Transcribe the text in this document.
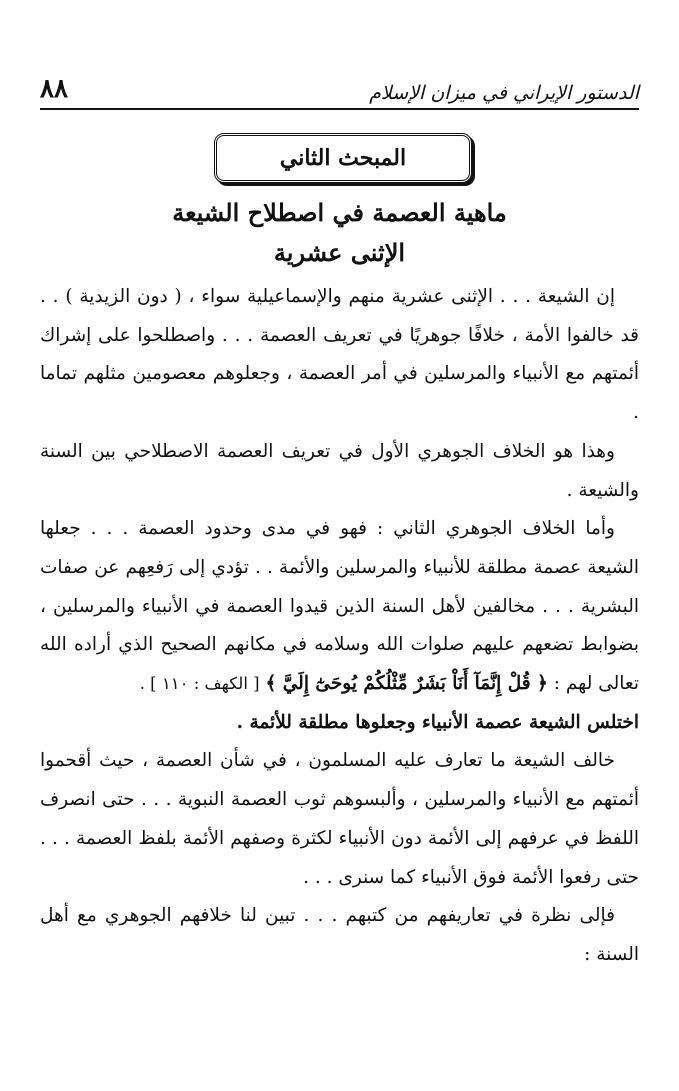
٨٨	الدستور الإيراني في ميزان الإسلام
المبحث الثاني
ماهية العصمة في اصطلاح الشيعة
الإثنى عشرية

إن الشيعة . . . الإثنى عشرية منهم والإسماعيلية سواء ، ( دون الزيدية ) . . قد خالفوا الأمة ، خلافًا جوهريًا في تعريف العصمة . . . واصطلحوا على إشراك أئمتهم مع الأنبياء والمرسلين في أمر العصمة ، وجعلوهم معصومين مثلهم تماما .

وهذا هو الخلاف الجوهري الأول في تعريف العصمة الاصطلاحي بين السنة والشيعة .

وأما الخلاف الجوهري الثاني : فهو في مدى وحدود العصمة . . . جعلها الشيعة عصمة مطلقة للأنبياء والمرسلين والأئمة . . تؤدي إلى رَفعِهم عن صفات البشرية . . . مخالفين لأهل السنة الذين قيدوا العصمة في الأنبياء والمرسلين ، بضوابط تضعهم عليهم صلوات الله وسلامه في مكانهم الصحيح الذي أراده الله تعالى لهم : ﴿ قُلْ إِنَّمَآ أَنَاْ بَشَرٌ مِّثْلُكُمْ يُوحَىٰٓ إِلَيَّ ﴾ [ الكهف : ١١٠ ] .

اختلس الشيعة عصمة الأنبياء وجعلوها مطلقة للأئمة .

خالف الشيعة ما تعارف عليه المسلمون ، في شأن العصمة ، حيث أقحموا أئمتهم مع الأنبياء والمرسلين ، وألبسوهم ثوب العصمة النبوية . . . حتى انصرف اللفظ في عرفهم إلى الأئمة دون الأنبياء لكثرة وصفهم الأئمة بلفظ العصمة . . . حتى رفعوا الأئمة فوق الأنبياء كما سنرى . . .

فإلى نظرة في تعاريفهم من كتبهم . . . تبين لنا خلافهم الجوهري مع أهل السنة :
